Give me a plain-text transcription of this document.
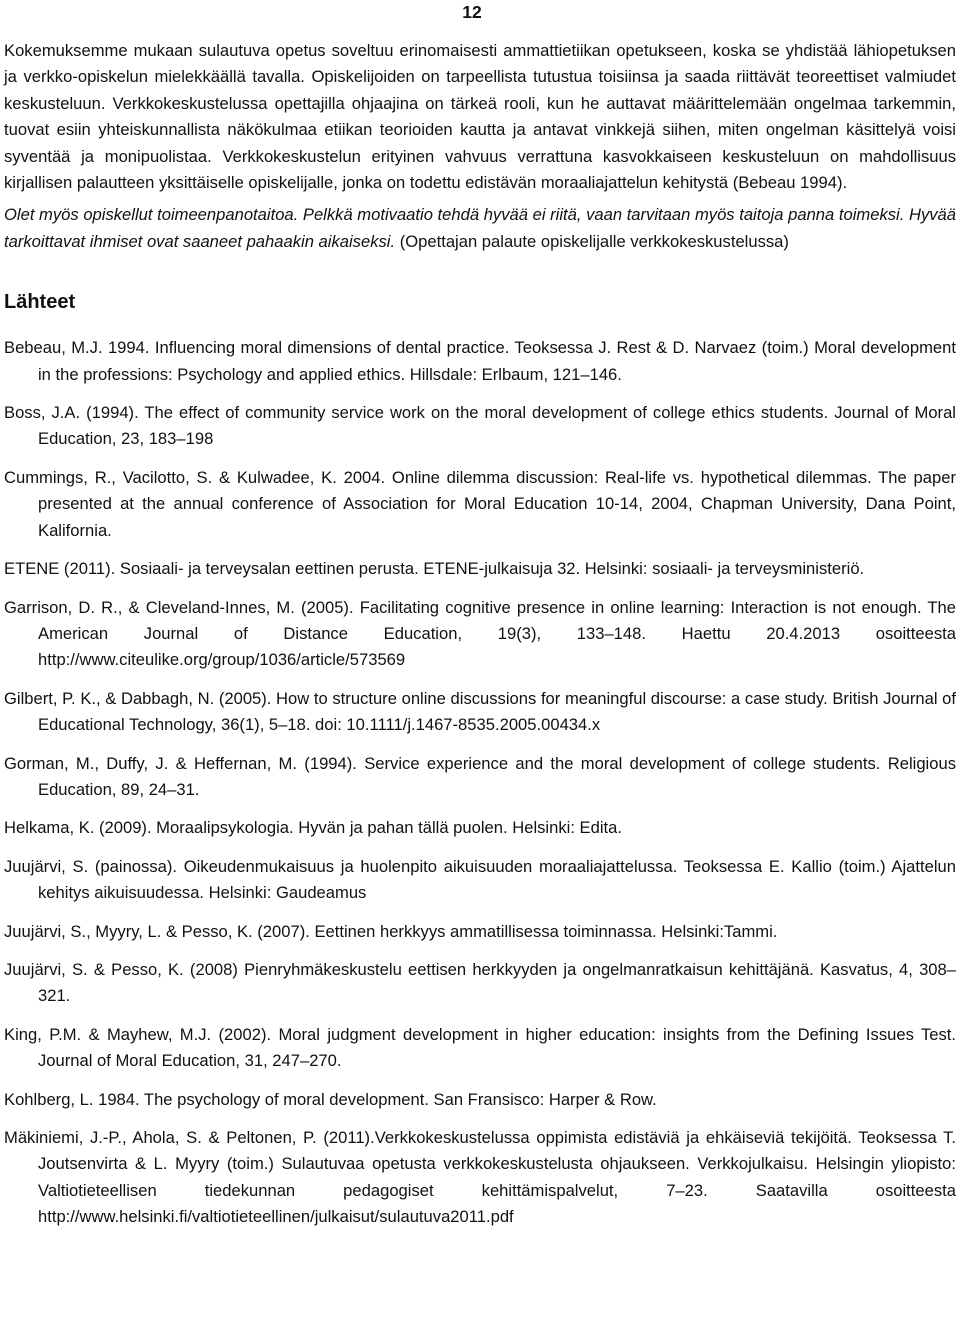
12

Kokemuksemme mukaan sulautuva opetus soveltuu erinomaisesti ammattietiikan opetukseen, koska se yhdistää lähiopetuksen ja verkko-opiskelun mielekkäällä tavalla. Opiskelijoiden on tarpeellista tutustua toisiinsa ja saada riittävät teoreettiset valmiudet keskusteluun. Verkkokeskustelussa opettajilla ohjaajina on tärkeä rooli, kun he auttavat määrittelemään ongelmaa tarkemmin, tuovat esiin yhteiskunnallista näkökulmaa etiikan teorioiden kautta ja antavat vinkkejä siihen, miten ongelman käsittelyä voisi syventää ja monipuolistaa. Verkkokeskustelun erityinen vahvuus verrattuna kasvokkaiseen keskusteluun on mahdollisuus kirjallisen palautteen yksittäiselle opiskelijalle, jonka on todettu edistävän moraaliajattelun kehitystä (Bebeau 1994).

Olet myös opiskellut toimeenpanotaitoa. Pelkkä motivaatio tehdä hyvää ei riitä, vaan tarvitaan myös taitoja panna toimeksi. Hyvää tarkoittavat ihmiset ovat saaneet pahaakin aikaiseksi. (Opettajan palaute opiskelijalle verkkokeskustelussa)

Lähteet

Bebeau, M.J. 1994. Influencing moral dimensions of dental practice. Teoksessa J. Rest & D. Narvaez (toim.) Moral development in the professions: Psychology and applied ethics. Hillsdale: Erlbaum, 121–146.

Boss, J.A. (1994). The effect of community service work on the moral development of college ethics students. Journal of Moral Education, 23, 183–198

Cummings, R., Vacilotto, S. & Kulwadee, K. 2004. Online dilemma discussion: Real-life vs. hypothetical dilemmas. The paper presented at the annual conference of Association for Moral Education 10-14, 2004, Chapman University, Dana Point, Kalifornia.

ETENE (2011). Sosiaali- ja terveysalan eettinen perusta. ETENE-julkaisuja 32. Helsinki: sosiaali- ja terveysministeriö.

Garrison, D. R., & Cleveland-Innes, M. (2005). Facilitating cognitive presence in online learning: Interaction is not enough. The American Journal of Distance Education, 19(3), 133–148. Haettu 20.4.2013 osoitteesta http://www.citeulike.org/group/1036/article/573569

Gilbert, P. K., & Dabbagh, N. (2005). How to structure online discussions for meaningful discourse: a case study. British Journal of Educational Technology, 36(1), 5–18. doi: 10.1111/j.1467-8535.2005.00434.x

Gorman, M., Duffy, J. & Heffernan, M. (1994). Service experience and the moral development of college students. Religious Education, 89, 24–31.

Helkama, K. (2009). Moraalipsykologia. Hyvän ja pahan tällä puolen. Helsinki: Edita.

Juujärvi, S. (painossa). Oikeudenmukaisuus ja huolenpito aikuisuuden moraaliajattelussa. Teoksessa E. Kallio (toim.) Ajattelun kehitys aikuisuudessa. Helsinki: Gaudeamus

Juujärvi, S., Myyry, L. & Pesso, K. (2007). Eettinen herkkyys ammatillisessa toiminnassa. Helsinki:Tammi.

Juujärvi, S. & Pesso, K. (2008) Pienryhmäkeskustelu eettisen herkkyyden ja ongelmanratkaisun kehittäjänä. Kasvatus, 4, 308–321.

King, P.M. & Mayhew, M.J. (2002). Moral judgment development in higher education: insights from the Defining Issues Test. Journal of Moral Education, 31, 247–270.

Kohlberg, L. 1984. The psychology of moral development. San Fransisco: Harper & Row.

Mäkiniemi, J.-P., Ahola, S. & Peltonen, P. (2011).Verkkokeskustelussa oppimista edistäviä ja ehkäiseviä tekijöitä. Teoksessa T. Joutsenvirta & L. Myyry (toim.) Sulautuvaa opetusta verkkokeskustelusta ohjaukseen. Verkkojulkaisu. Helsingin yliopisto: Valtiotieteellisen tiedekunnan pedagogiset kehittämispalvelut, 7–23. Saatavilla osoitteesta http://www.helsinki.fi/valtiotieteellinen/julkaisut/sulautuva2011.pdf
